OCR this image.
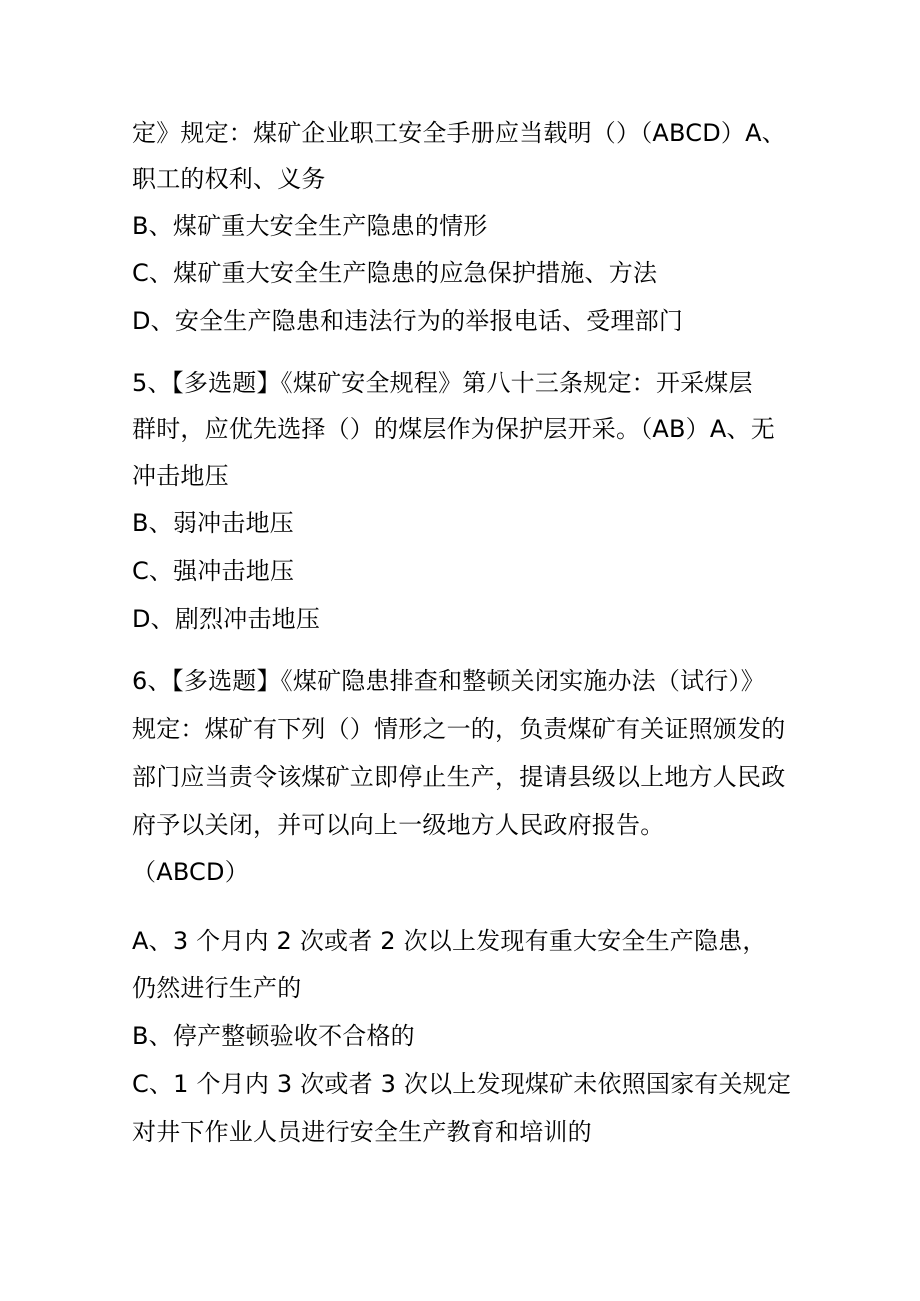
定》规定：煤矿企业职工安全手册应当载明（）（ABCD）A、
职工的权利、义务
B、煤矿重大安全生产隐患的情形
C、煤矿重大安全生产隐患的应急保护措施、方法
D、安全生产隐患和违法行为的举报电话、受理部门
5、【多选题】《煤矿安全规程》第八十三条规定：开采煤层
群时，应优先选择（）的煤层作为保护层开采。（AB）A、无
冲击地压
B、弱冲击地压
C、强冲击地压
D、剧烈冲击地压
6、【多选题】《煤矿隐患排查和整顿关闭实施办法（试行）》
规定：煤矿有下列（）情形之一的，负责煤矿有关证照颁发的
部门应当责令该煤矿立即停止生产，提请县级以上地方人民政
府予以关闭，并可以向上一级地方人民政府报告。
（ABCD）
A、3 个月内 2 次或者 2 次以上发现有重大安全生产隐患，
仍然进行生产的
B、停产整顿验收不合格的
C、1 个月内 3 次或者 3 次以上发现煤矿未依照国家有关规定
对井下作业人员进行安全生产教育和培训的
